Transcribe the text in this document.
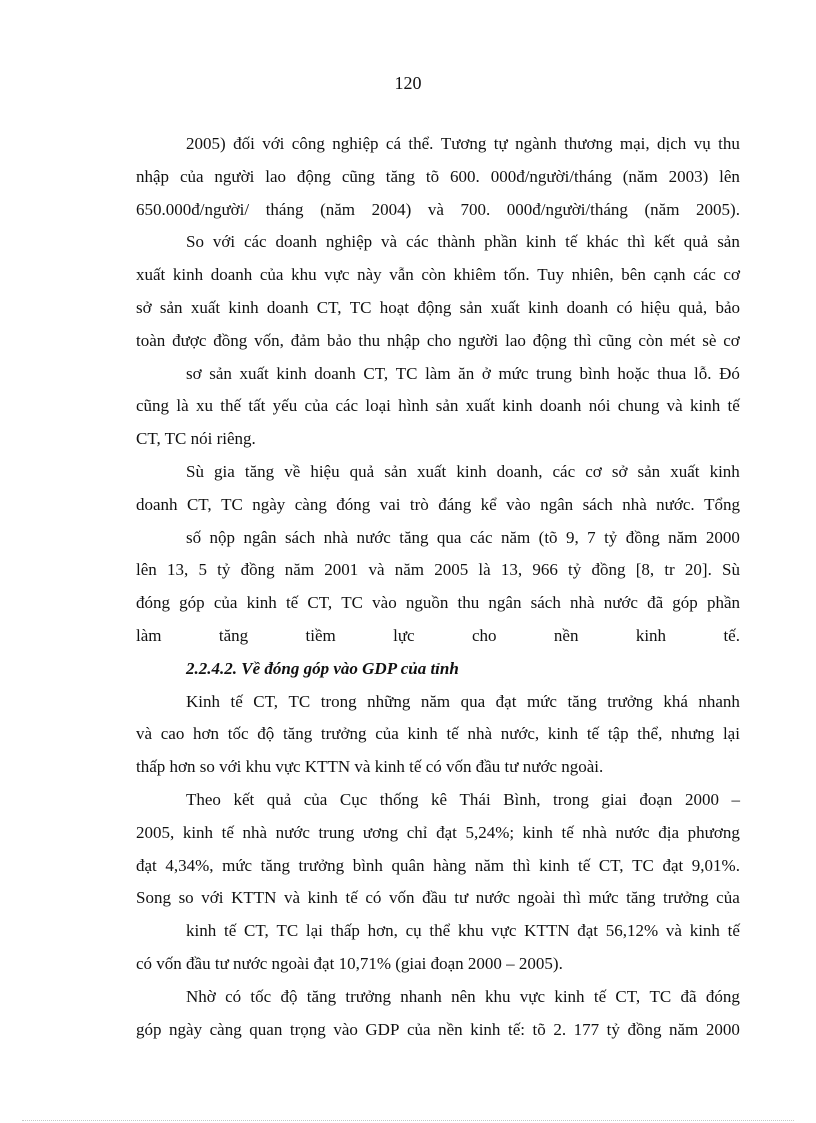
120
2005) đối với công nghiệp cá thể. Tương tự ngành thương mại, dịch vụ thu
nhập của người lao động cũng tăng tõ 600. 000đ/người/tháng (năm 2003) lên
650.000đ/người/ tháng (năm 2004) và 700. 000đ/người/tháng (năm 2005).
So với các doanh nghiệp và các thành phần kinh tế khác thì kết quả sản
xuất kinh doanh của khu vực này vẫn còn khiêm tốn. Tuy nhiên, bên cạnh các cơ
sở sản xuất kinh doanh CT, TC hoạt động sản xuất kinh doanh có hiệu quả, bảo
toàn được đồng vốn, đảm bảo thu nhập cho người lao động thì cũng còn mét sè cơ
sơ sản xuất kinh doanh CT, TC làm ăn ở mức trung bình hoặc thua lỗ. Đó
cũng là xu thế tất yếu của các loại hình sản xuất kinh doanh nói chung và kinh tế
CT, TC nói riêng.
Sù gia tăng về hiệu quả sản xuất kinh doanh, các cơ sở sản xuất kinh
doanh CT, TC ngày càng đóng vai trò đáng kể vào ngân sách nhà nước. Tổng
số nộp ngân sách nhà nước tăng qua các năm (tõ 9, 7 tỷ đồng năm 2000
lên 13, 5 tỷ đồng năm 2001 và năm 2005 là 13, 966 tỷ đồng [8, tr 20]. Sù
đóng góp của kinh tế CT, TC vào nguồn thu ngân sách nhà nước đã góp phần
làm	tăng	tiềm	lực	cho	nền	kinh	tế.
2.2.4.2. Về đóng góp vào GDP của tỉnh
Kinh tế CT, TC trong những năm qua đạt mức tăng trưởng khá nhanh
và cao hơn tốc độ tăng trưởng của kinh tế nhà nước, kinh tế tập thể, nhưng lại
thấp hơn so với khu vực KTTN và kinh tế có vốn đầu tư nước ngoài.
Theo kết quả của Cục thống kê Thái Bình, trong giai đoạn 2000 –
2005, kinh tế nhà nước trung ương chỉ đạt 5,24%; kinh tế nhà nước địa phương
đạt 4,34%, mức tăng trưởng bình quân hàng năm thì kinh tế CT, TC đạt 9,01%.
Song so với KTTN và kinh tế có vốn đầu tư nước ngoài thì mức tăng trưởng của
kinh tế CT, TC lại thấp hơn, cụ thể khu vực KTTN đạt 56,12% và kinh tế
có vốn đầu tư nước ngoài đạt 10,71% (giai đoạn 2000 – 2005).
Nhờ có tốc độ tăng trưởng nhanh nên khu vực kinh tế CT, TC đã đóng
góp ngày càng quan trọng vào GDP của nền kinh tế: tõ 2. 177 tỷ đồng năm 2000
